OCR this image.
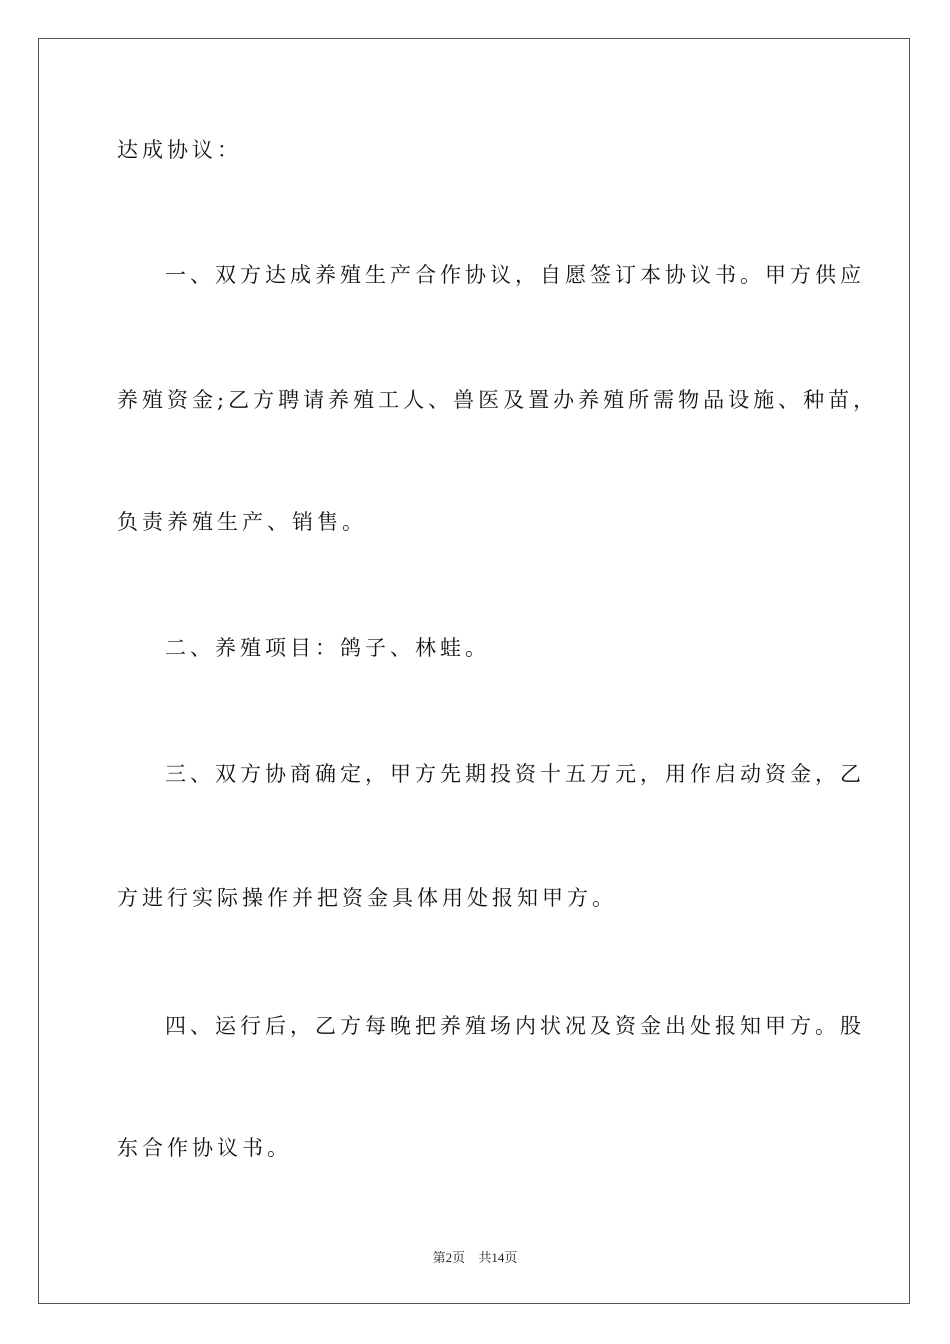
达成协议：
一、双方达成养殖生产合作协议，自愿签订本协议书。甲方供应
养殖资金;乙方聘请养殖工人、兽医及置办养殖所需物品设施、种苗，
负责养殖生产、销售。
二、养殖项目：鸽子、林蛙。
三、双方协商确定，甲方先期投资十五万元，用作启动资金，乙
方进行实际操作并把资金具体用处报知甲方。
四、运行后，乙方每晚把养殖场内状况及资金出处报知甲方。股
东合作协议书。
第2页 共14页
